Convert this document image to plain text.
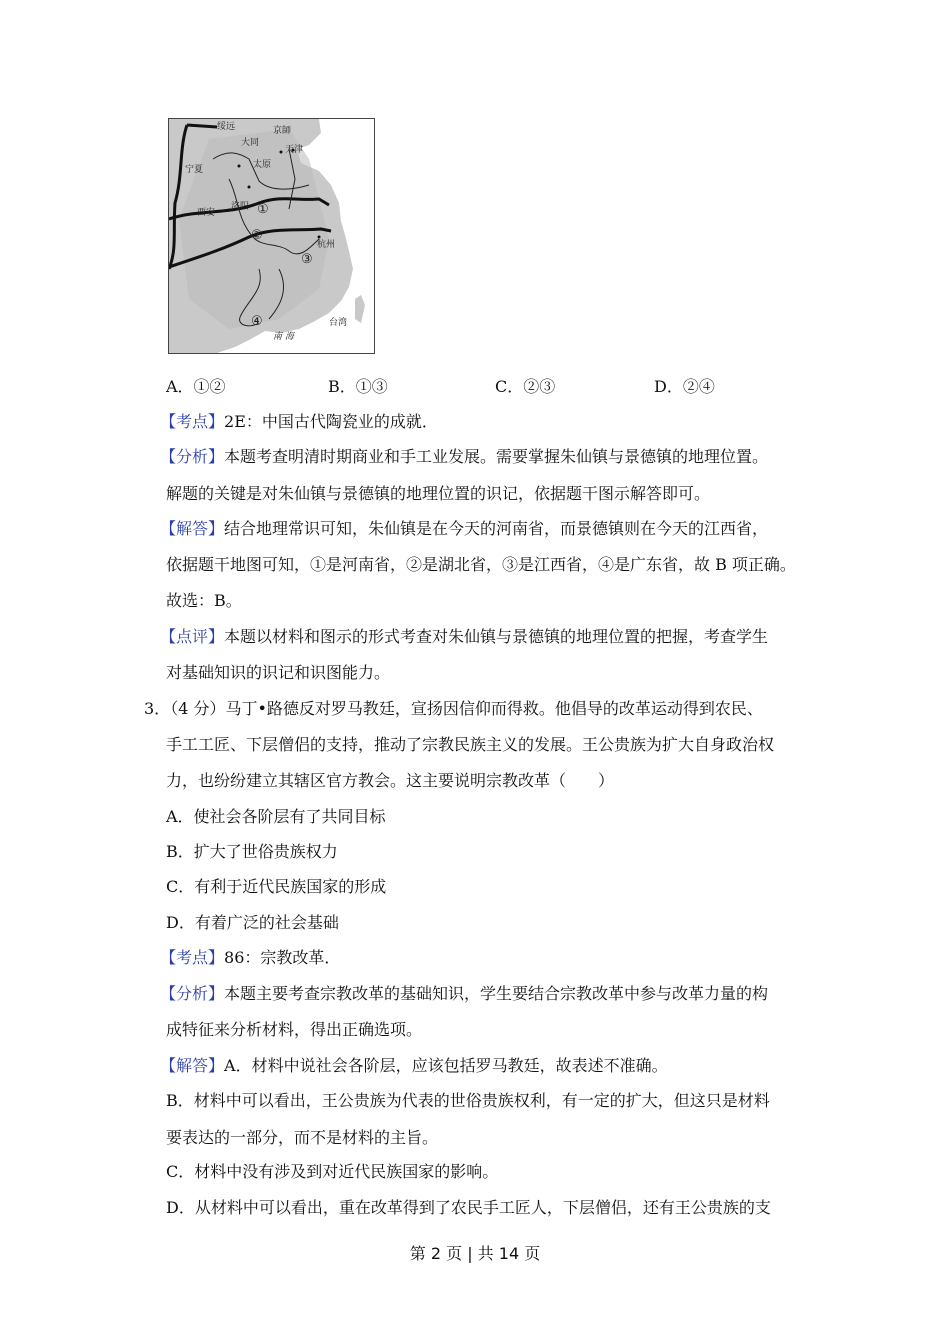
绥远	京師
大同
天津
宁夏	太原
西安
洛阳
杭州
台湾
南 海
①
②
③
④
A．①②	B．①③	C．②③	D．②④
【考点】2E：中国古代陶瓷业的成就．
【分析】本题考查明清时期商业和手工业发展。需要掌握朱仙镇与景德镇的地理位置。
解题的关键是对朱仙镇与景德镇的地理位置的识记，依据题干图示解答即可。
【解答】结合地理常识可知，朱仙镇是在今天的河南省，而景德镇则在今天的江西省，
依据题干地图可知，①是河南省，②是湖北省，③是江西省，④是广东省，故 B 项正确。
故选：B。
【点评】本题以材料和图示的形式考查对朱仙镇与景德镇的地理位置的把握，考查学生
对基础知识的识记和识图能力。
3．（4 分）马丁•路德反对罗马教廷，宣扬因信仰而得救。他倡导的改革运动得到农民、
手工工匠、下层僧侣的支持，推动了宗教民族主义的发展。王公贵族为扩大自身政治权
力，也纷纷建立其辖区官方教会。这主要说明宗教改革（　　）
A．使社会各阶层有了共同目标
B．扩大了世俗贵族权力
C．有利于近代民族国家的形成
D．有着广泛的社会基础
【考点】86：宗教改革．
【分析】本题主要考查宗教改革的基础知识，学生要结合宗教改革中参与改革力量的构
成特征来分析材料，得出正确选项。
【解答】A．材料中说社会各阶层，应该包括罗马教廷，故表述不准确。
B．材料中可以看出，王公贵族为代表的世俗贵族权利，有一定的扩大，但这只是材料
要表达的一部分，而不是材料的主旨。
C．材料中没有涉及到对近代民族国家的影响。
D．从材料中可以看出，重在改革得到了农民手工匠人，下层僧侣，还有王公贵族的支
第 2 页 | 共 14 页
